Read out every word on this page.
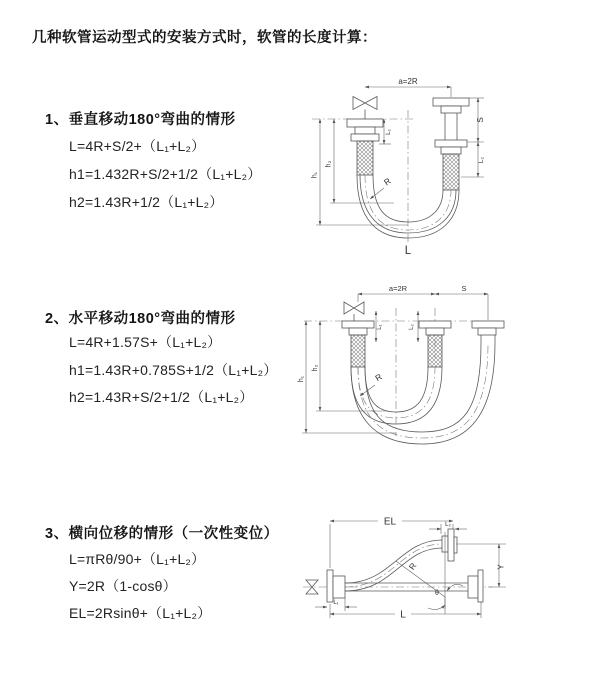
几种软管运动型式的安装方式时，软管的长度计算：
1、垂直移动180°弯曲的情形
L=4R+S/2+（L₁+L₂）
h1=1.432R+S/2+1/2（L₁+L₂）
h2=1.43R+1/2（L₁+L₂）
2、水平移动180°弯曲的情形
L=4R+1.57S+（L₁+L₂）
h1=1.43R+0.785S+1/2（L₁+L₂）
h2=1.43R+S/2+1/2（L₁+L₂）
3、横向位移的情形（一次性变位）
L=πRθ/90+（L₁+L₂）
Y=2R（1-cosθ）
EL=2Rsinθ+（L₁+L₂）
a=2R
L₁
S
L₂
h₁
h₂
R
L
a=2R	S
L₁	L₂
h₁
h₂
R
EL	L₂
θ
R	Y
L
L₁
